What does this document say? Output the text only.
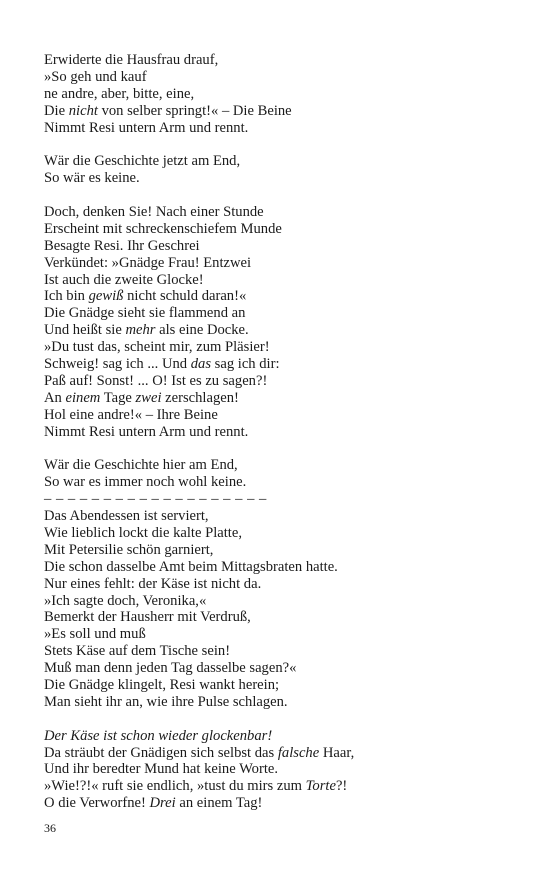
Erwiderte die Hausfrau drauf,
»So geh und kauf
ne andre, aber, bitte, eine,
Die nicht von selber springt!« – Die Beine
Nimmt Resi untern Arm und rennt.
Wär die Geschichte jetzt am End,
So wär es keine.
Doch, denken Sie! Nach einer Stunde
Erscheint mit schreckenschiefem Munde
Besagte Resi. Ihr Geschrei
Verkündet: »Gnädge Frau! Entzwei
Ist auch die zweite Glocke!
Ich bin gewiß nicht schuld daran!«
Die Gnädge sieht sie flammend an
Und heißt sie mehr als eine Docke.
»Du tust das, scheint mir, zum Pläsier!
Schweig! sag ich ... Und das sag ich dir:
Paß auf! Sonst! ... O! Ist es zu sagen?!
An einem Tage zwei zerschlagen!
Hol eine andre!« – Ihre Beine
Nimmt Resi untern Arm und rennt.
Wär die Geschichte hier am End,
So war es immer noch wohl keine.
– – – – – – – – – – – – – – – – – – –
Das Abendessen ist serviert,
Wie lieblich lockt die kalte Platte,
Mit Petersilie schön garniert,
Die schon dasselbe Amt beim Mittagsbraten hatte.
Nur eines fehlt: der Käse ist nicht da.
»Ich sagte doch, Veronika,«
Bemerkt der Hausherr mit Verdruß,
»Es soll und muß
Stets Käse auf dem Tische sein!
Muß man denn jeden Tag dasselbe sagen?«
Die Gnädge klingelt, Resi wankt herein;
Man sieht ihr an, wie ihre Pulse schlagen.
Der Käse ist schon wieder glockenbar!
Da sträubt der Gnädigen sich selbst das falsche Haar,
Und ihr beredter Mund hat keine Worte.
»Wie!?!« ruft sie endlich, »tust du mirs zum Torte?!
O die Verworfne! Drei an einem Tag!
36
